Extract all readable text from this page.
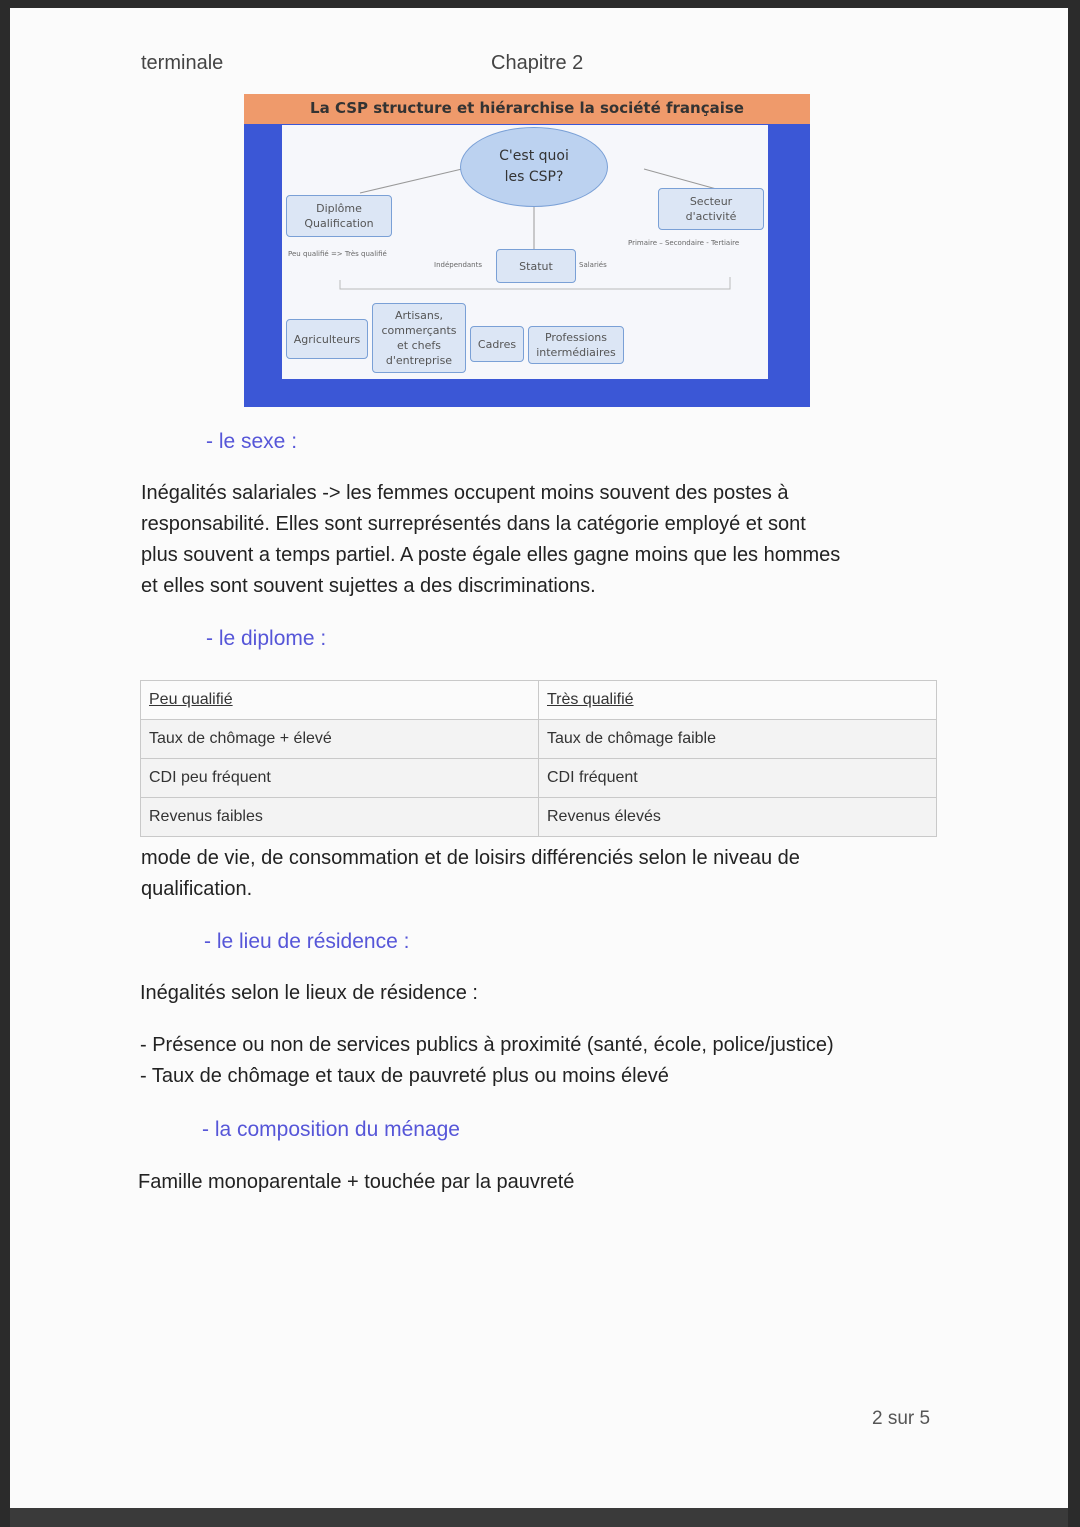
terminale	Chapitre 2
La CSP structure et hiérarchise la société française
C'est quoi
les CSP?
Diplôme
Qualification
Peu qualifié => Très qualifié
Secteur
d'activité
Primaire – Secondaire - Tertiaire
Statut
Indépendants	Salariés
Agriculteurs
Artisans,
commerçants
et chefs
d'entreprise
Cadres	Professions
intermédiaires
- le sexe :
Inégalités salariales -> les femmes occupent moins souvent des postes à
responsabilité. Elles sont surreprésentés dans la catégorie employé et sont
plus souvent a temps partiel. A poste égale elles gagne moins que les hommes
et elles sont souvent sujettes a des discriminations.
- le diplome :
Peu qualifié	Très qualifié
Taux de chômage + élevé	Taux de chômage faible
CDI peu fréquent	CDI fréquent
Revenus faibles	Revenus élevés
mode de vie, de consommation et de loisirs différenciés selon le niveau de
qualification.
- le lieu de résidence :
Inégalités selon le lieux de résidence :
- Présence ou non de services publics à proximité (santé, école, police/justice)
- Taux de chômage et taux de pauvreté plus ou moins élevé
- la composition du ménage
Famille monoparentale + touchée par la pauvreté
2 sur 5
